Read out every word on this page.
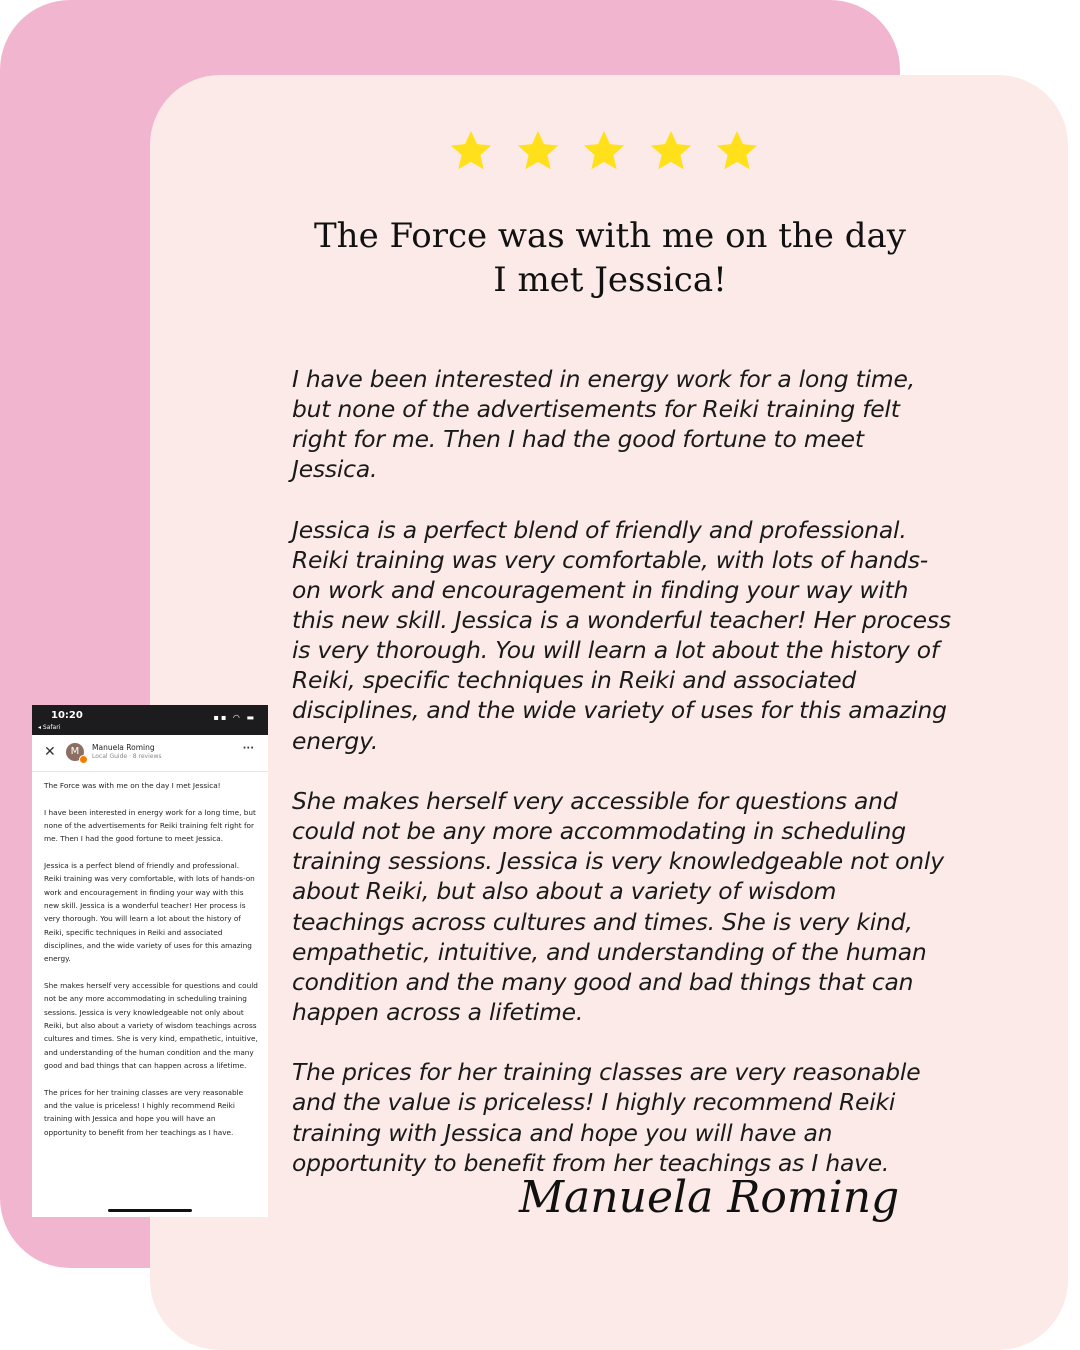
The Force was with me on the day
I met Jessica!

I have been interested in energy work for a long time, but none of the advertisements for Reiki training felt right for me. Then I had the good fortune to meet Jessica.

Jessica is a perfect blend of friendly and professional. Reiki training was very comfortable, with lots of hands-on work and encouragement in finding your way with this new skill. Jessica is a wonderful teacher! Her process is very thorough. You will learn a lot about the history of Reiki, specific techniques in Reiki and associated disciplines, and the wide variety of uses for this amazing energy.

She makes herself very accessible for questions and could not be any more accommodating in scheduling training sessions. Jessica is very knowledgeable not only about Reiki, but also about a variety of wisdom teachings across cultures and times. She is very kind, empathetic, intuitive, and understanding of the human condition and the many good and bad things that can happen across a lifetime.

The prices for her training classes are very reasonable and the value is priceless! I highly recommend Reiki training with Jessica and hope you will have an opportunity to benefit from her teachings as I have.

Manuela Roming
10:20
◂ Safari
▪▪ ◠ ▬
✕	M	Manuela Roming
Local Guide · 8 reviews
···

The Force was with me on the day I met Jessica!

I have been interested in energy work for a long time, but none of the advertisements for Reiki training felt right for me. Then I had the good fortune to meet Jessica.

Jessica is a perfect blend of friendly and professional. Reiki training was very comfortable, with lots of hands-on work and encouragement in finding your way with this new skill. Jessica is a wonderful teacher! Her process is very thorough. You will learn a lot about the history of Reiki, specific techniques in Reiki and associated disciplines, and the wide variety of uses for this amazing energy.

She makes herself very accessible for questions and could not be any more accommodating in scheduling training sessions. Jessica is very knowledgeable not only about Reiki, but also about a variety of wisdom teachings across cultures and times. She is very kind, empathetic, intuitive, and understanding of the human condition and the many good and bad things that can happen across a lifetime.

The prices for her training classes are very reasonable and the value is priceless! I highly recommend Reiki training with Jessica and hope you will have an opportunity to benefit from her teachings as I have.
